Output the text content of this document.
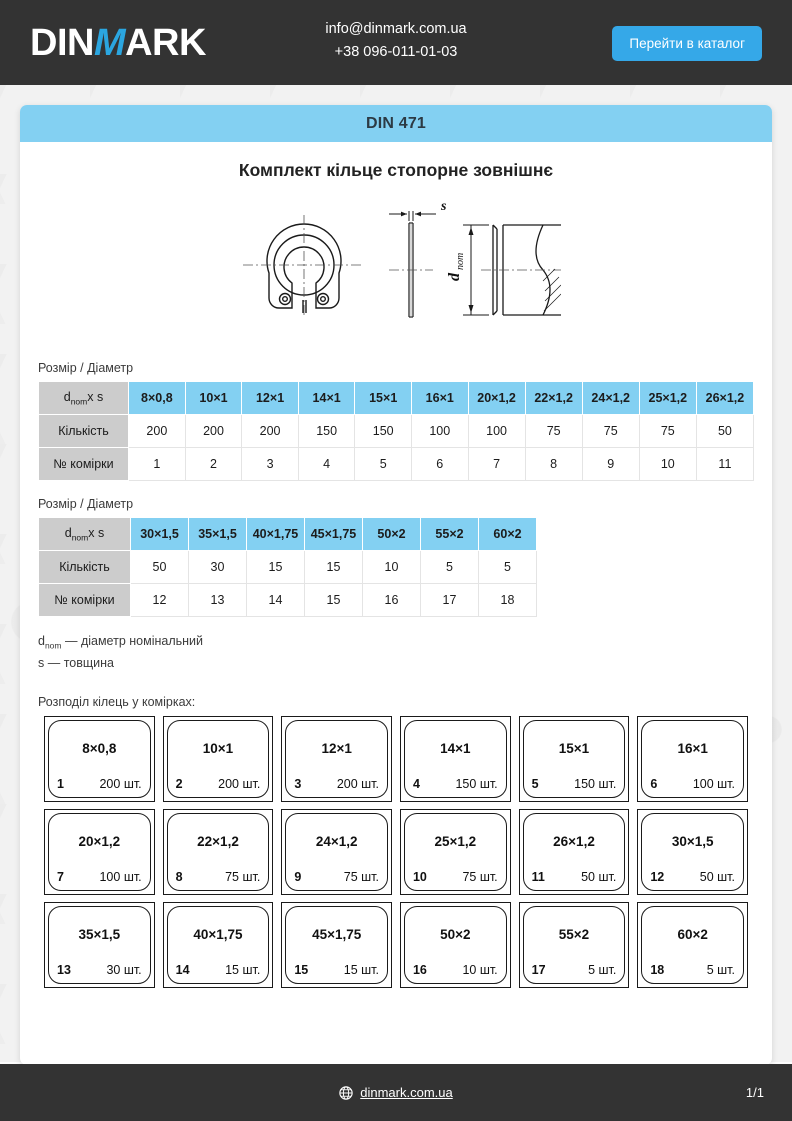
DINMARK	info@dinmark.com.ua
+38 096-011-01-03
Перейти в каталог
DIN 471
Комплект кільце стопорне зовнішнє
s
d
nom
Розмір / Діаметр
$d_{nom}x$ s	8×0,8	10×1	12×1	14×1	15×1	16×1	20×1,2	22×1,2	24×1,2	25×1,2	26×1,2
Кількість	200	200	200	150	150	100	100	75	75	75	50
№ комірки	1	2	3	4	5	6	7	8	9	10	11
Розмір / Діаметр
$d_{nom}x$ s	30×1,5	35×1,5	40×1,75	45×1,75	50×2	55×2	60×2
Кількість	50	30	15	15	10	5	5
№ комірки	12	13	14	15	16	17	18
$d_{nom}$ — діаметр номінальний
s — товщина
Розподіл кілець у комірках:
8×0,8
1	200 шт.
10×1
2	200 шт.
12×1
3	200 шт.
14×1
4	150 шт.
15×1
5	150 шт.
16×1
6	100 шт.
20×1,2
7	100 шт.
22×1,2
8	75 шт.
24×1,2
9	75 шт.
25×1,2
10	75 шт.
26×1,2
11	50 шт.
30×1,5
12	50 шт.
35×1,5
13	30 шт.
40×1,75
14	15 шт.
45×1,75
15	15 шт.
50×2
16	10 шт.
55×2
17	5 шт.
60×2
18	5 шт.
dinmark.com.ua	1/1
